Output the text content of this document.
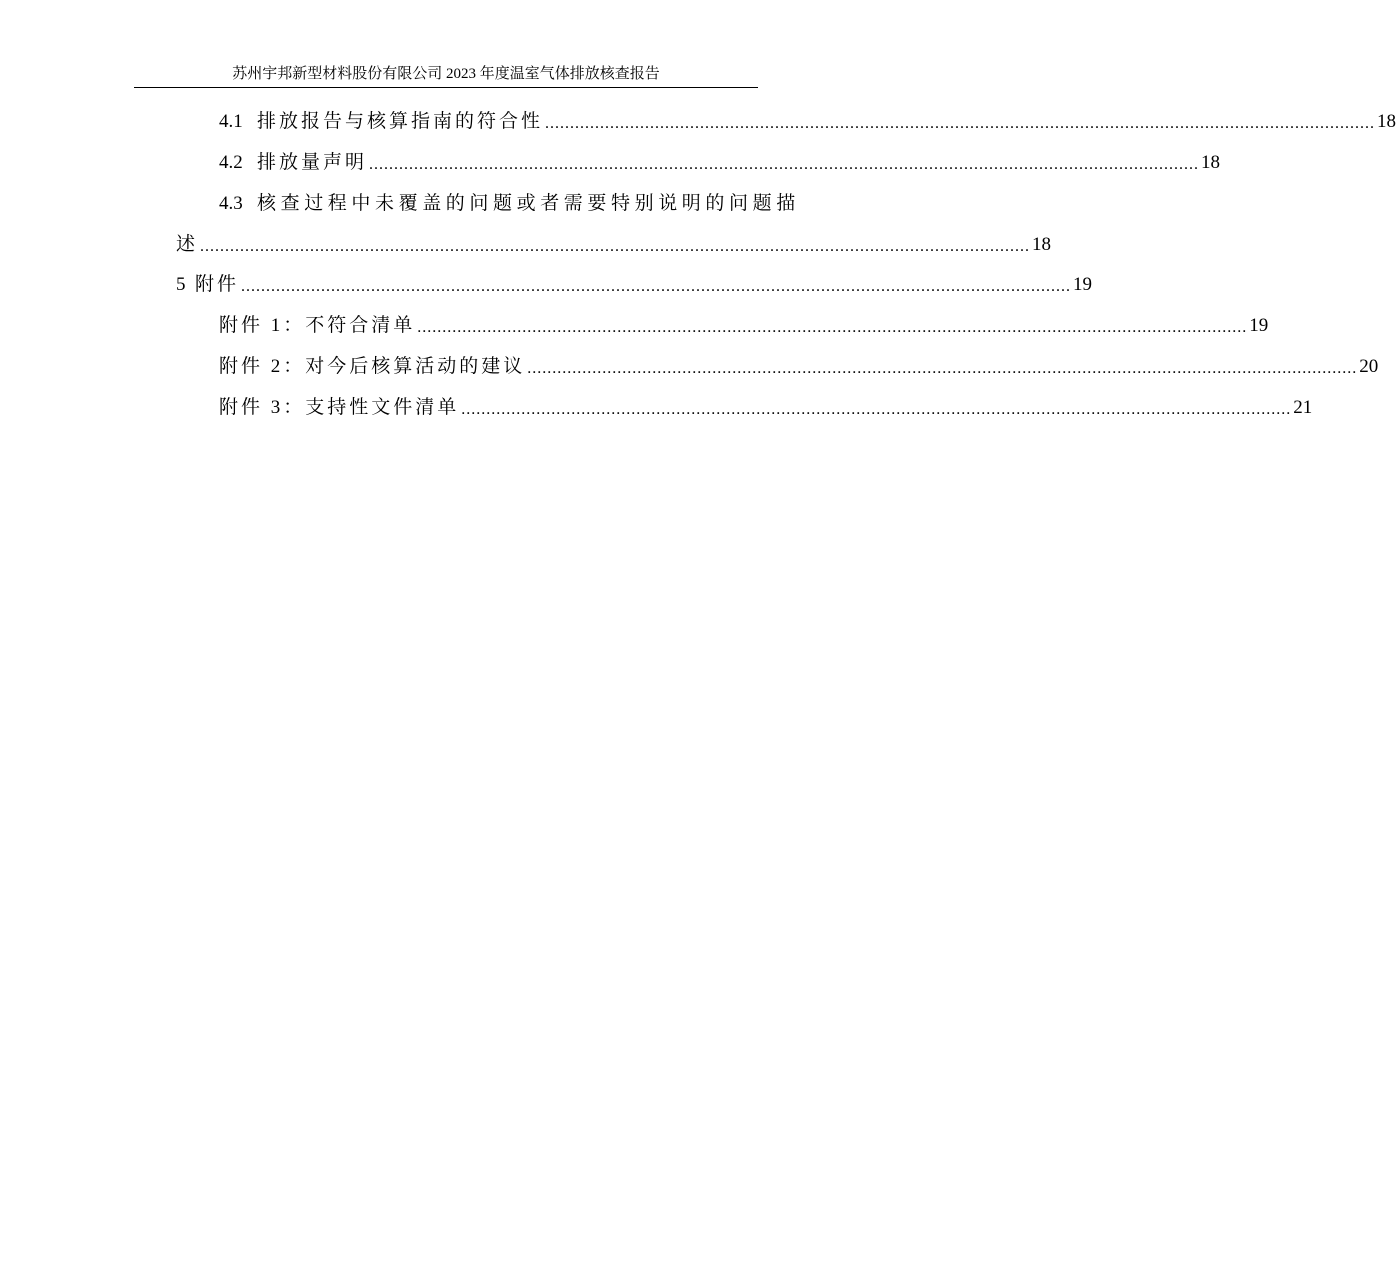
苏州宇邦新型材料股份有限公司 2023 年度温室气体排放核查报告
4.1
排放报告与核算指南的符合性 ...................................................................................................................................................................... 18
4.2
排放量声明 ...................................................................................................................................................................... 18
4.3
核查过程中未覆盖的问题或者需要特别说明的问题描
述 ...................................................................................................................................................................... 18
5
附件 ...................................................................................................................................................................... 19
附件 1：不符合清单 ...................................................................................................................................................................... 19
附件 2：对今后核算活动的建议 ...................................................................................................................................................................... 20
附件 3：支持性文件清单 ...................................................................................................................................................................... 21
